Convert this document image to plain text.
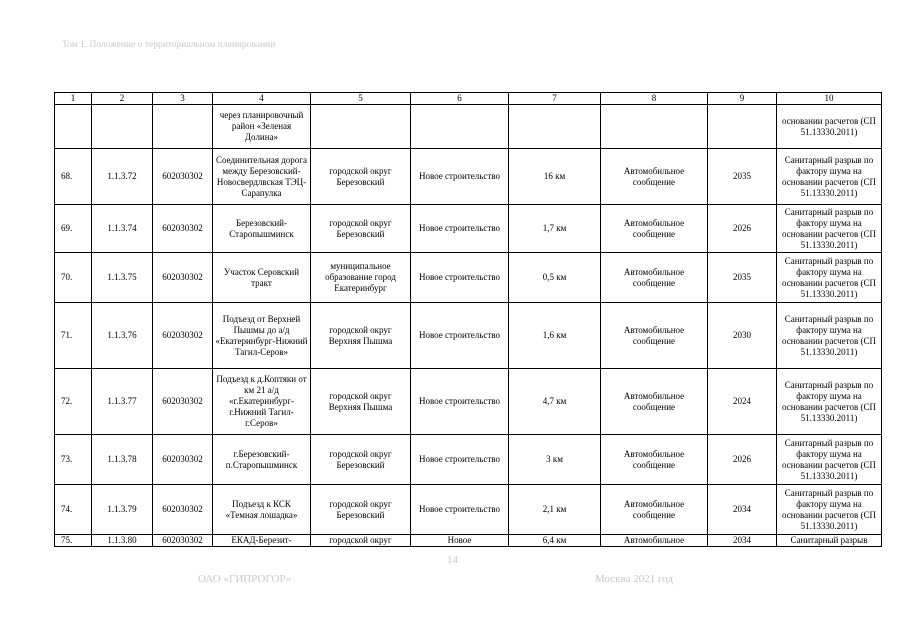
Том 1. Положение о территориальном планировании
1	2	3	4	5	6	7	8	9	10
			через планировочный район «Зеленая Долина»						основании расчетов (СП 51.13330.2011)
68.	1.1.3.72	602030302	Соединительная дорога между Березовский-Новосвердлвская ТЭЦ-Сарапулка	городской округ Березовский	Новое строительство	16 км	Автомобильное сообщение	2035	Санитарный разрыв по фактору шума на основании расчетов (СП 51.13330.2011)
69.	1.1.3.74	602030302	Березовский-Старопышминск	городской округ Березовский	Новое строительство	1,7 км	Автомобильное сообщение	2026	Санитарный разрыв по фактору шума на основании расчетов (СП 51.13330.2011)
70.	1.1.3.75	602030302	Участок Серовский тракт	муниципальное образование город Екатеринбург	Новое строительство	0,5 км	Автомобильное сообщение	2035	Санитарный разрыв по фактору шума на основании расчетов (СП 51.13330.2011)
71.	1.1.3.76	602030302	Подъезд от Верхней Пышмы до а/д «Екатеринбург-Нижний Тагил-Серов»	городской округ Верхняя Пышма	Новое строительство	1,6 км	Автомобильное сообщение	2030	Санитарный разрыв по фактору шума на основании расчетов (СП 51.13330.2011)
72.	1.1.3.77	602030302	Подъезд к д.Коптяки от км 21 а/д «г.Екатеринбург-г.Нижний Тагил-г.Серов»	городской округ Верхняя Пышма	Новое строительство	4,7 км	Автомобильное сообщение	2024	Санитарный разрыв по фактору шума на основании расчетов (СП 51.13330.2011)
73.	1.1.3.78	602030302	г.Березовский-п.Старопышминск	городской округ Березовский	Новое строительство	3 км	Автомобильное сообщение	2026	Санитарный разрыв по фактору шума на основании расчетов (СП 51.13330.2011)
74.	1.1.3.79	602030302	Подъезд к КСК «Темная лошадка»	городской округ Березовский	Новое строительство	2,1 км	Автомобильное сообщение	2034	Санитарный разрыв по фактору шума на основании расчетов (СП 51.13330.2011)
75.	1.1.3.80	602030302	ЕКАД-Березит-	городской округ	Новое	6,4 км	Автомобильное	2034	Санитарный разрыв
14
ОАО «ГИПРОГОР»	Москва 2021 год
